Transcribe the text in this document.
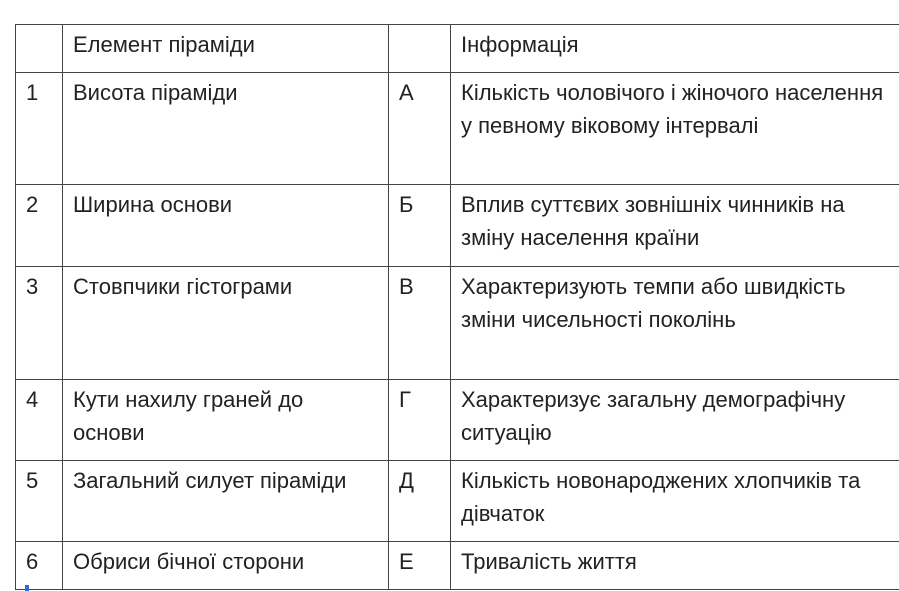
	Елемент піраміди		Інформація
1	Висота піраміди	А	Кількість чоловічого і жіночого населення у певному віковому інтервалі
2	Ширина основи	Б	Вплив суттєвих зовнішніх чинників на зміну населення країни
3	Стовпчики гістограми	В	Характеризують темпи або швидкість зміни чисельності поколінь
4	Кути нахилу граней до основи	Г	Характеризує загальну демографічну ситуацію
5	Загальний силует піраміди	Д	Кількість новонароджених хлопчиків та дівчаток
6	Обриси бічної сторони	Е	Тривалість життя
